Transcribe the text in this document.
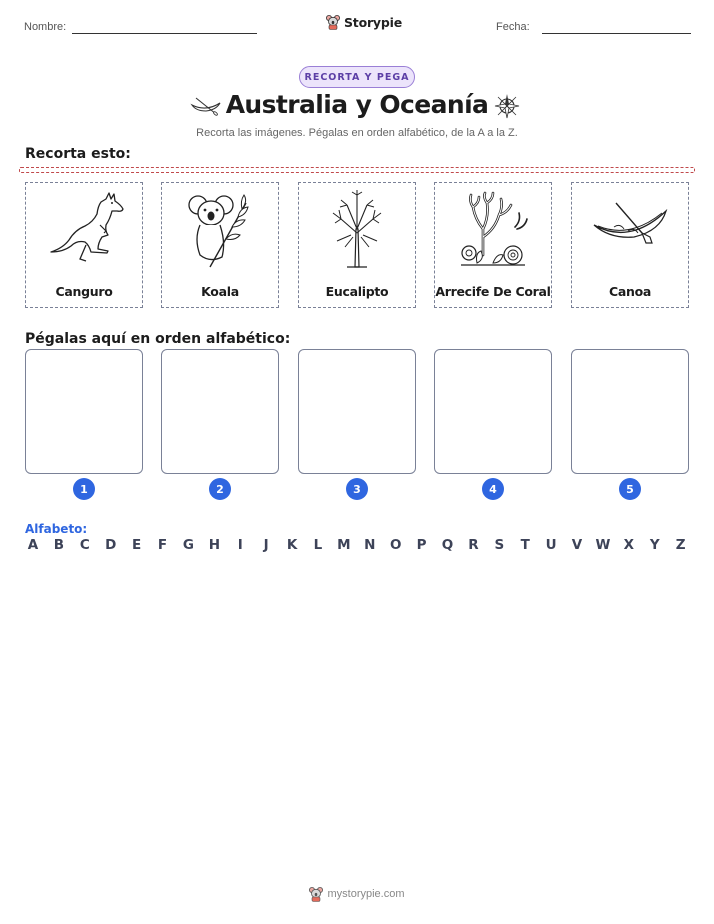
Nombre:	Storypie	Fecha:
RECORTA Y PEGA
Australia y Oceanía
Recorta las imágenes. Pégalas en orden alfabético, de la A a la Z.
Recorta esto:
Canguro	Koala	Eucalipto	Arrecife De Coral	Canoa
Pégalas aquí en orden alfabético:
1	2	3	4	5
Alfabeto:
A B C D E F G H	I	J	K L M N O P Q R S T U V W X Y Z
mystorypie.com
